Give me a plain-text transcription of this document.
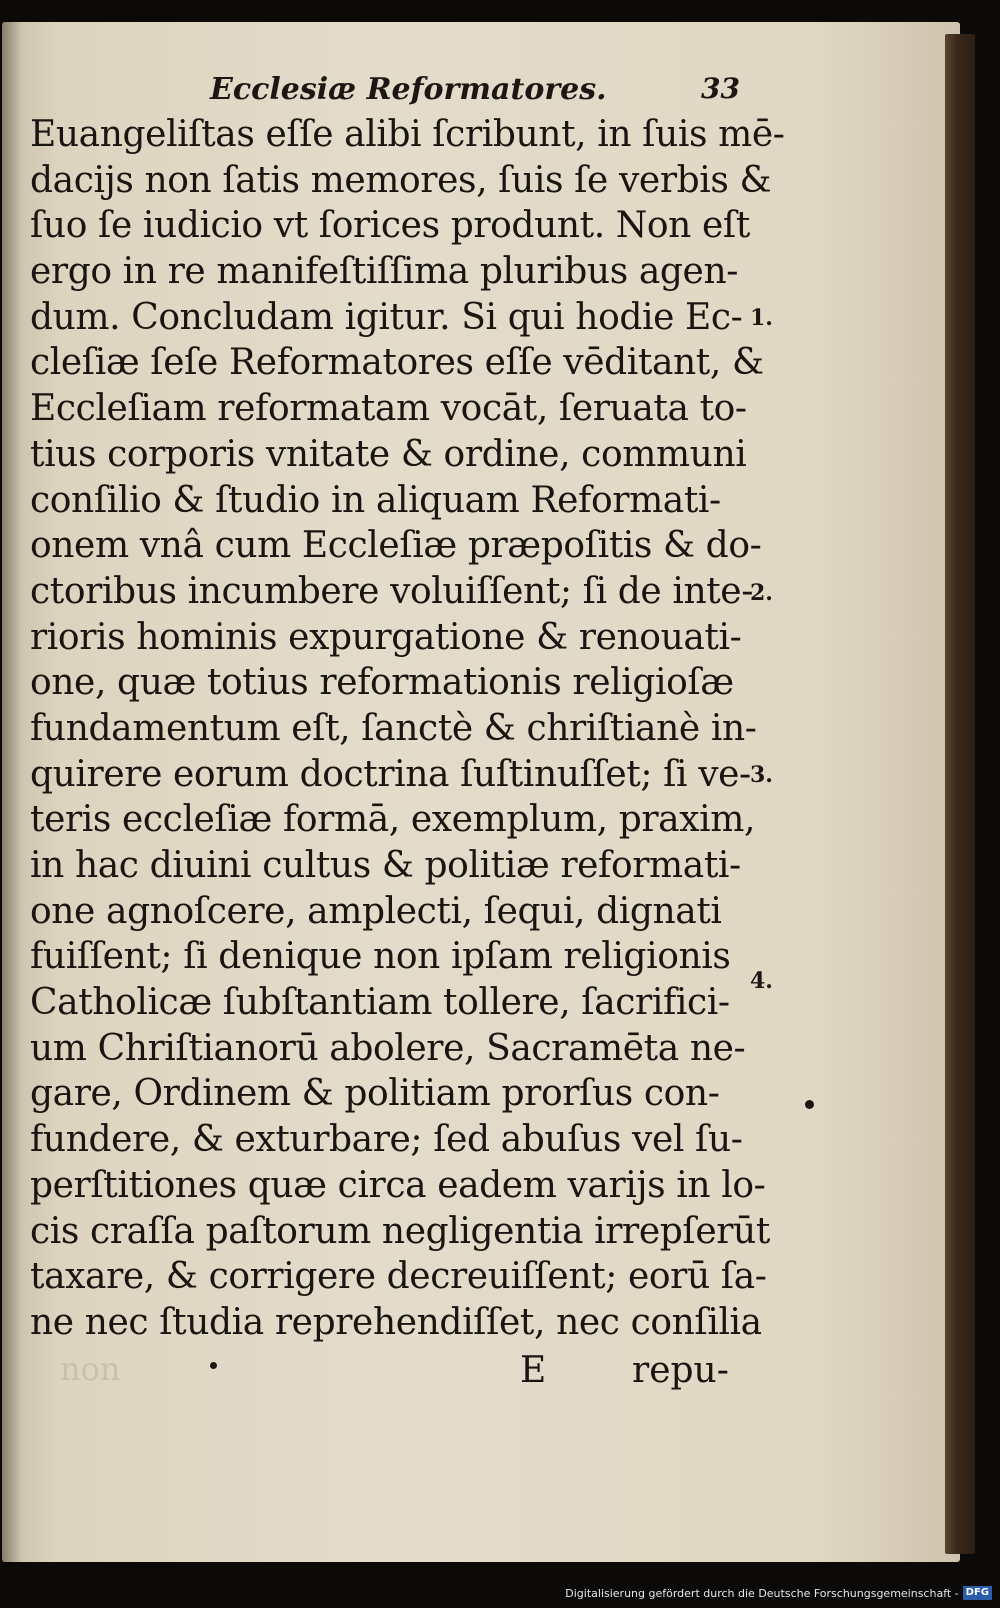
Ecclesiæ Reformatores.	33
Euangeliſtas eſſe alibi ſcribunt, in ſuis mē-
dacijs non ſatis memores, ſuis ſe verbis &
ſuo ſe iudicio vt ſorices produnt. Non eſt
ergo in re manifeſtiſſima pluribus agen-
dum. Concludam igitur. Si qui hodie Ec-
cleſiæ ſeſe Reformatores eſſe vēditant, &
Eccleſiam reformatam vocāt, ſeruata to-
tius corporis vnitate & ordine, communi
conſilio & ſtudio in aliquam Reformati-
onem vnâ cum Eccleſiæ præpoſitis & do-
ctoribus incumbere voluiſſent; ſi de inte-
rioris hominis expurgatione & renouati-
one, quæ totius reformationis religioſæ
fundamentum eſt, ſanctè & chriſtianè in-
quirere eorum doctrina ſuſtinuſſet; ſi ve-
teris eccleſiæ formā, exemplum, praxim,
in hac diuini cultus & politiæ reformati-
one agnoſcere, amplecti, ſequi, dignati
fuiſſent; ſi denique non ipſam religionis
Catholicæ ſubſtantiam tollere, ſacrifici-
um Chriſtianorū abolere, Sacramēta ne-
gare, Ordinem & politiam prorſus con-
fundere, & exturbare; ſed abuſus vel ſu-
perſtitiones quæ circa eadem varijs in lo-
cis craſſa paſtorum negligentia irrepſerūt
taxare, & corrigere decreuiſſent; eorū ſa-
ne nec ſtudia reprehendiſſet, nec conſilia
1.
2.
3.
4.
non	E repu-
Digitalisierung gefördert durch die Deutsche Forschungsgemeinschaft - DFG
